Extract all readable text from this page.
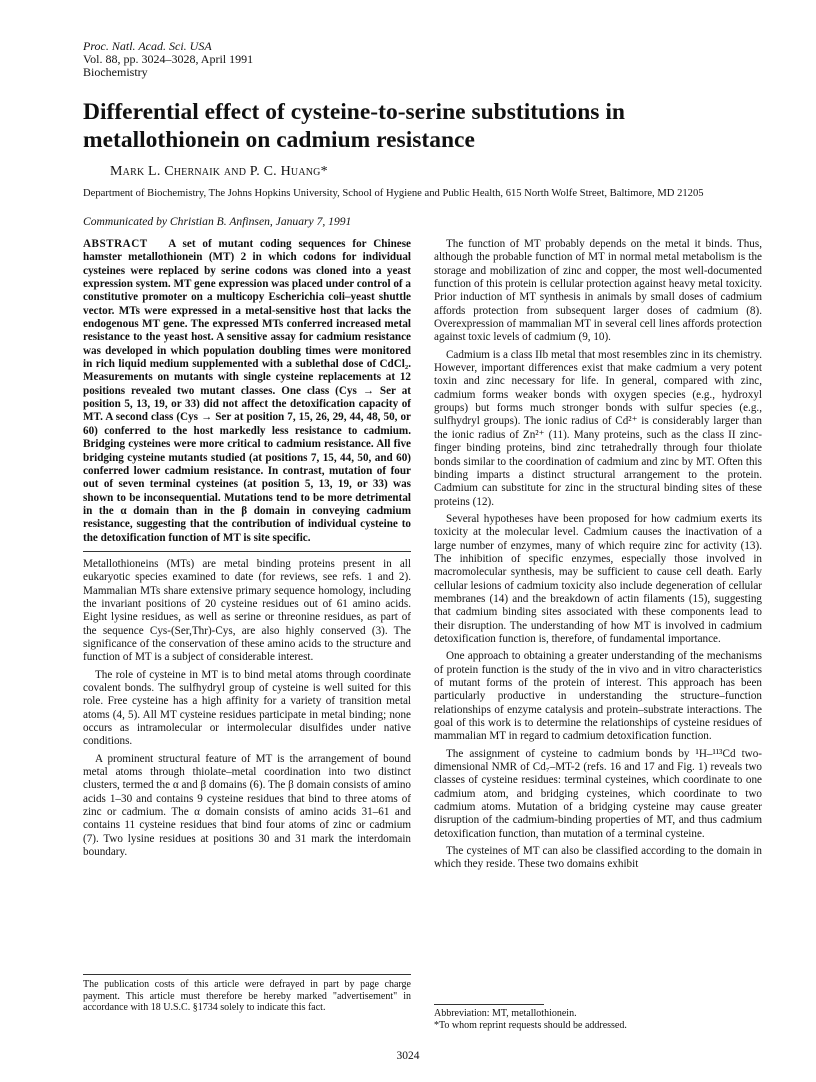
Proc. Natl. Acad. Sci. USA
Vol. 88, pp. 3024–3028, April 1991
Biochemistry
Differential effect of cysteine-to-serine substitutions in metallothionein on cadmium resistance
Mark L. Chernaik and P. C. Huang*
Department of Biochemistry, The Johns Hopkins University, School of Hygiene and Public Health, 615 North Wolfe Street, Baltimore, MD 21205
Communicated by Christian B. Anfinsen, January 7, 1991

ABSTRACT A set of mutant coding sequences for Chinese hamster metallothionein (MT) 2 in which codons for individual cysteines were replaced by serine codons was cloned into a yeast expression system. MT gene expression was placed under control of a constitutive promoter on a multicopy Escherichia coli–yeast shuttle vector. MTs were expressed in a metal-sensitive host that lacks the endogenous MT gene. The expressed MTs conferred increased metal resistance to the yeast host. A sensitive assay for cadmium resistance was developed in which population doubling times were monitored in rich liquid medium supplemented with a sublethal dose of CdCl₂. Measurements on mutants with single cysteine replacements at 12 positions revealed two mutant classes. One class (Cys → Ser at position 5, 13, 19, or 33) did not affect the detoxification capacity of MT. A second class (Cys → Ser at position 7, 15, 26, 29, 44, 48, 50, or 60) conferred to the host markedly less resistance to cadmium. Bridging cysteines were more critical to cadmium resistance. All five bridging cysteine mutants studied (at positions 7, 15, 44, 50, and 60) conferred lower cadmium resistance. In contrast, mutation of four out of seven terminal cysteines (at position 5, 13, 19, or 33) was shown to be inconsequential. Mutations tend to be more detrimental in the α domain than in the β domain in conveying cadmium resistance, suggesting that the contribution of individual cysteine to the detoxification function of MT is site specific.

Metallothioneins (MTs) are metal binding proteins present in all eukaryotic species examined to date (for reviews, see refs. 1 and 2). Mammalian MTs share extensive primary sequence homology, including the invariant positions of 20 cysteine residues out of 61 amino acids. Eight lysine residues, as well as serine or threonine residues, as part of the sequence Cys-(Ser,Thr)-Cys, are also highly conserved (3). The significance of the conservation of these amino acids to the structure and function of MT is a subject of considerable interest.

The role of cysteine in MT is to bind metal atoms through coordinate covalent bonds. The sulfhydryl group of cysteine is well suited for this role. Free cysteine has a high affinity for a variety of transition metal atoms (4, 5). All MT cysteine residues participate in metal binding; none occurs as intramolecular or intermolecular disulfides under native conditions.

A prominent structural feature of MT is the arrangement of bound metal atoms through thiolate–metal coordination into two distinct clusters, termed the α and β domains (6). The β domain consists of amino acids 1–30 and contains 9 cysteine residues that bind to three atoms of zinc or cadmium. The α domain consists of amino acids 31–61 and contains 11 cysteine residues that bind four atoms of zinc or cadmium (7). Two lysine residues at positions 30 and 31 mark the interdomain boundary.

The function of MT probably depends on the metal it binds. Thus, although the probable function of MT in normal metal metabolism is the storage and mobilization of zinc and copper, the most well-documented function of this protein is cellular protection against heavy metal toxicity. Prior induction of MT synthesis in animals by small doses of cadmium affords protection from subsequent larger doses of cadmium (8). Overexpression of mammalian MT in several cell lines affords protection against toxic levels of cadmium (9, 10).

Cadmium is a class IIb metal that most resembles zinc in its chemistry. However, important differences exist that make cadmium a very potent toxin and zinc necessary for life. In general, compared with zinc, cadmium forms weaker bonds with oxygen species (e.g., hydroxyl groups) but forms much stronger bonds with sulfur species (e.g., sulfhydryl groups). The ionic radius of Cd²⁺ is considerably larger than the ionic radius of Zn²⁺ (11). Many proteins, such as the class II zinc-finger binding proteins, bind zinc tetrahedrally through four thiolate bonds similar to the coordination of cadmium and zinc by MT. Often this binding imparts a distinct structural arrangement to the protein. Cadmium can substitute for zinc in the structural binding sites of these proteins (12).

Several hypotheses have been proposed for how cadmium exerts its toxicity at the molecular level. Cadmium causes the inactivation of a large number of enzymes, many of which require zinc for activity (13). The inhibition of specific enzymes, especially those involved in macromolecular synthesis, may be sufficient to cause cell death. Early cellular lesions of cadmium toxicity also include degeneration of cellular membranes (14) and the breakdown of actin filaments (15), suggesting that cadmium binding sites associated with these components lead to their disruption. The understanding of how MT is involved in cadmium detoxification function is, therefore, of fundamental importance.

One approach to obtaining a greater understanding of the mechanisms of protein function is the study of the in vivo and in vitro characteristics of mutant forms of the protein of interest. This approach has been particularly productive in understanding the structure–function relationships of enzyme catalysis and protein–substrate interactions. The goal of this work is to determine the relationships of cysteine residues of mammalian MT in regard to cadmium detoxification function.

The assignment of cysteine to cadmium bonds by ¹H–¹¹³Cd two-dimensional NMR of Cd₇–MT-2 (refs. 16 and 17 and Fig. 1) reveals two classes of cysteine residues: terminal cysteines, which coordinate to one cadmium atom, and bridging cysteines, which coordinate to two cadmium atoms. Mutation of a bridging cysteine may cause greater disruption of the cadmium-binding properties of MT, and thus cadmium detoxification function, than mutation of a terminal cysteine.

The cysteines of MT can also be classified according to the domain in which they reside. These two domains exhibit

The publication costs of this article were defrayed in part by page charge payment. This article must therefore be hereby marked "advertisement" in accordance with 18 U.S.C. §1734 solely to indicate this fact.

Abbreviation: MT, metallothionein.

*To whom reprint requests should be addressed.

3024
